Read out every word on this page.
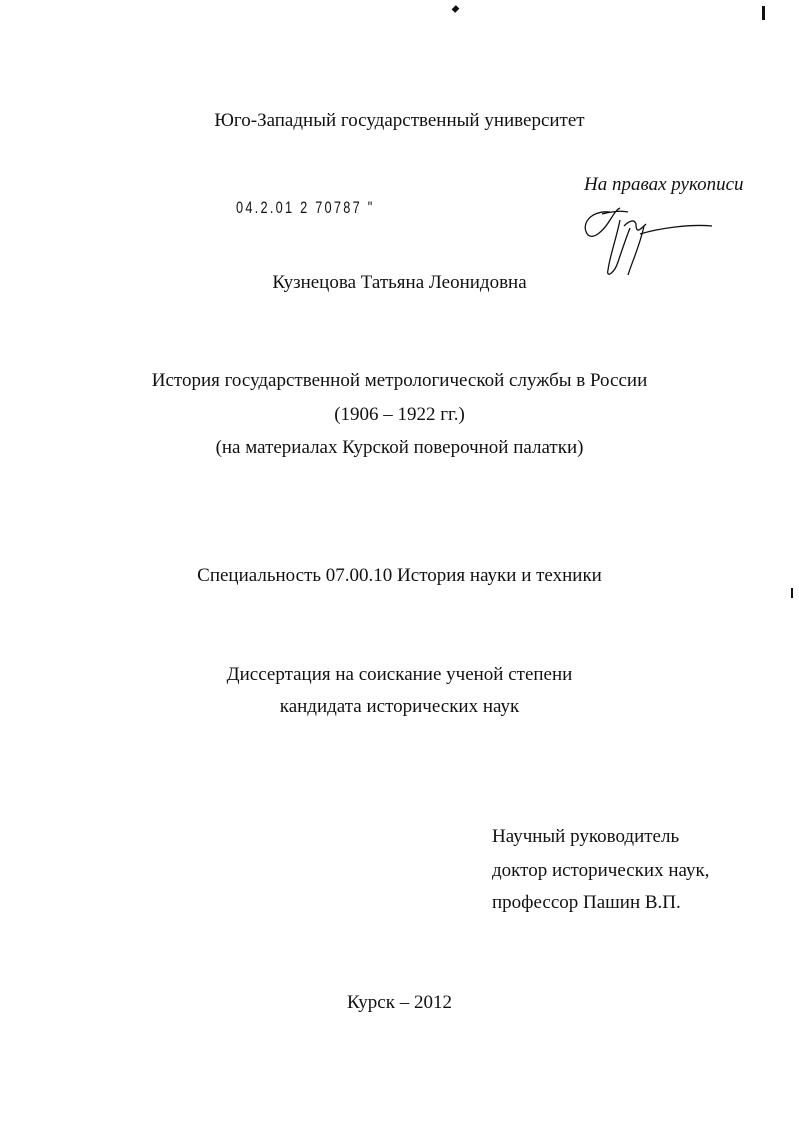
Юго-Западный государственный университет
На правах рукописи
04.2.01 2 70787 "
Кузнецова Татьяна Леонидовна
История государственной метрологической службы в России
(1906 – 1922 гг.)
(на материалах Курской поверочной палатки)
Специальность 07.00.10 История науки и техники
Диссертация на соискание ученой степени
кандидата исторических наук
Научный руководитель
доктор исторических наук,
профессор Пашин В.П.
Курск – 2012
